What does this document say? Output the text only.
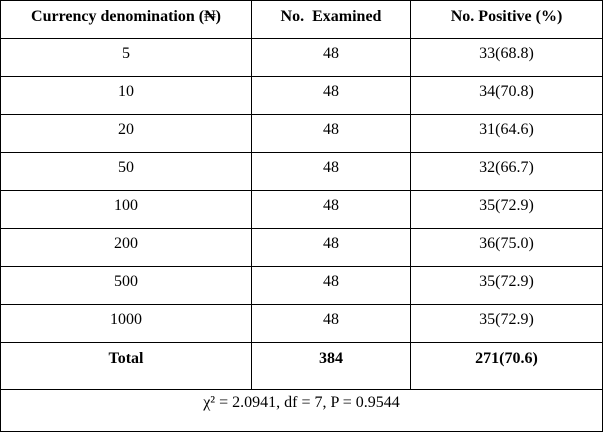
Currency denomination (₦)	No.  Examined	No. Positive (%)
5	48	33(68.8)
10	48	34(70.8)
20	48	31(64.6)
50	48	32(66.7)
100	48	35(72.9)
200	48	36(75.0)
500	48	35(72.9)
1000	48	35(72.9)
Total	384	271(70.6)
χ² = 2.0941, df = 7, P = 0.9544		
